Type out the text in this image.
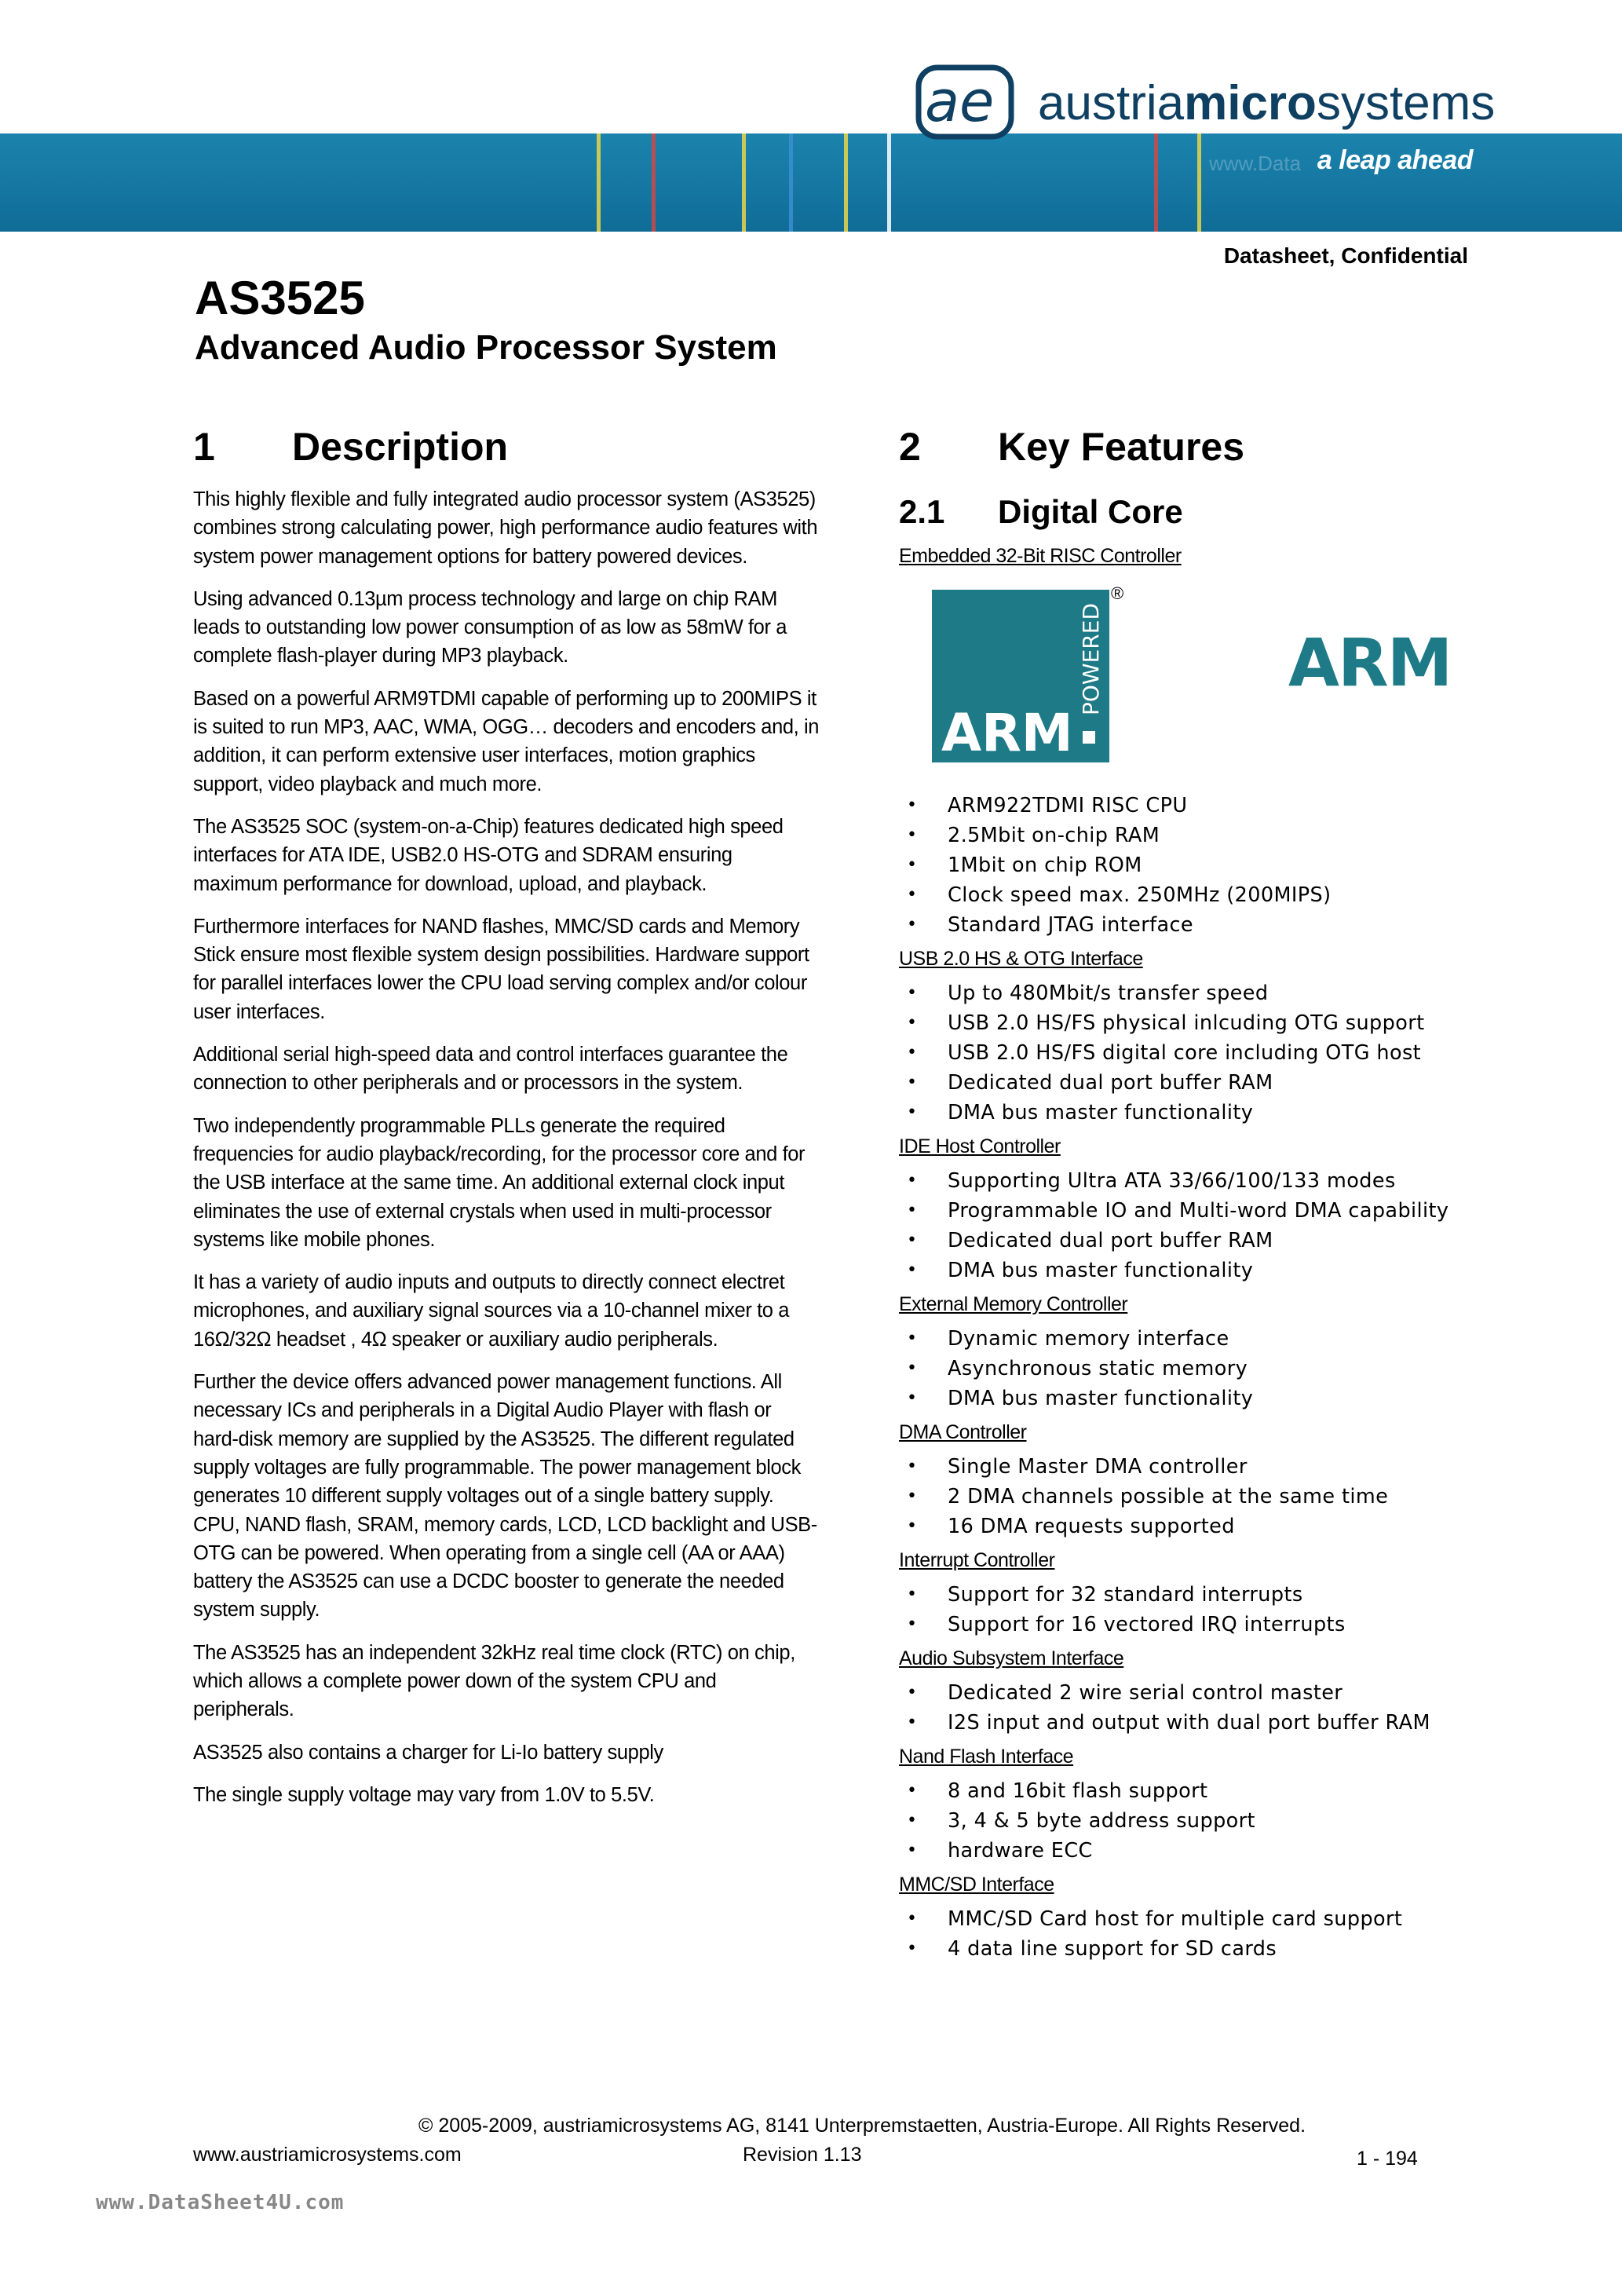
www.Data a leap ahead
a e austriamicrosystems
Datasheet, Confidential
AS3525
Advanced Audio Processor System
1	Description

This highly flexible and fully integrated audio processor system (AS3525) combines strong calculating power, high performance audio features with system power management options for battery powered devices.

Using advanced 0.13µm process technology and large on chip RAM leads to outstanding low power consumption of as low as 58mW for a complete flash-player during MP3 playback.

Based on a powerful ARM9TDMI capable of performing up to 200MIPS it is suited to run MP3, AAC, WMA, OGG… decoders and encoders and, in addition, it can perform extensive user interfaces, motion graphics support, video playback and much more.

The AS3525 SOC (system-on-a-Chip) features dedicated high speed interfaces for ATA IDE, USB2.0 HS-OTG and SDRAM ensuring maximum performance for download, upload, and playback.

Furthermore interfaces for NAND flashes, MMC/SD cards and Memory Stick ensure most flexible system design possibilities. Hardware support for parallel interfaces lower the CPU load serving complex and/or colour user interfaces.

Additional serial high-speed data and control interfaces guarantee the connection to other peripherals and or processors in the system.

Two independently programmable PLLs generate the required frequencies for audio playback/recording, for the processor core and for the USB interface at the same time. An additional external clock input eliminates the use of external crystals when used in multi-processor systems like mobile phones.

It has a variety of audio inputs and outputs to directly connect electret microphones, and auxiliary signal sources via a 10-channel mixer to a 16Ω/32Ω headset , 4Ω speaker or auxiliary audio peripherals.

Further the device offers advanced power management functions. All necessary ICs and peripherals in a Digital Audio Player with flash or hard-disk memory are supplied by the AS3525. The different regulated supply voltages are fully programmable. The power management block generates 10 different supply voltages out of a single battery supply. CPU, NAND flash, SRAM, memory cards, LCD, LCD backlight and USB-OTG can be powered. When operating from a single cell (AA or AAA) battery the AS3525 can use a DCDC booster to generate the needed system supply.

The AS3525 has an independent 32kHz real time clock (RTC) on chip, which allows a complete power down of the system CPU and peripherals.

AS3525 also contains a charger for Li-Io battery supply

The single supply voltage may vary from 1.0V to 5.5V.

2	Key Features
2.1	Digital Core
Embedded 32-Bit RISC Controller
ARM
POWERED
®
ARM
• ARM922TDMI RISC CPU
• 2.5Mbit on-chip RAM
• 1Mbit on chip ROM
• Clock speed max. 250MHz (200MIPS)
• Standard JTAG interface
USB 2.0 HS & OTG Interface
• Up to 480Mbit/s transfer speed
• USB 2.0 HS/FS physical inlcuding OTG support
• USB 2.0 HS/FS digital core including OTG host
• Dedicated dual port buffer RAM
• DMA bus master functionality
IDE Host Controller
• Supporting Ultra ATA 33/66/100/133 modes
• Programmable IO and Multi-word DMA capability
• Dedicated dual port buffer RAM
• DMA bus master functionality
External Memory Controller
• Dynamic memory interface
• Asynchronous static memory
• DMA bus master functionality
DMA Controller
• Single Master DMA controller
• 2 DMA channels possible at the same time
• 16 DMA requests supported
Interrupt Controller
• Support for 32 standard interrupts
• Support for 16 vectored IRQ interrupts
Audio Subsystem Interface
• Dedicated 2 wire serial control master
• I2S input and output with dual port buffer RAM
Nand Flash Interface
• 8 and 16bit flash support
• 3, 4 & 5 byte address support
• hardware ECC
MMC/SD Interface
• MMC/SD Card host for multiple card support
• 4 data line support for SD cards
© 2005-2009, austriamicrosystems AG, 8141 Unterpremstaetten, Austria-Europe. All Rights Reserved.
www.austriamicrosystems.com	Revision 1.13	1 - 194
www.DataSheet4U.com
